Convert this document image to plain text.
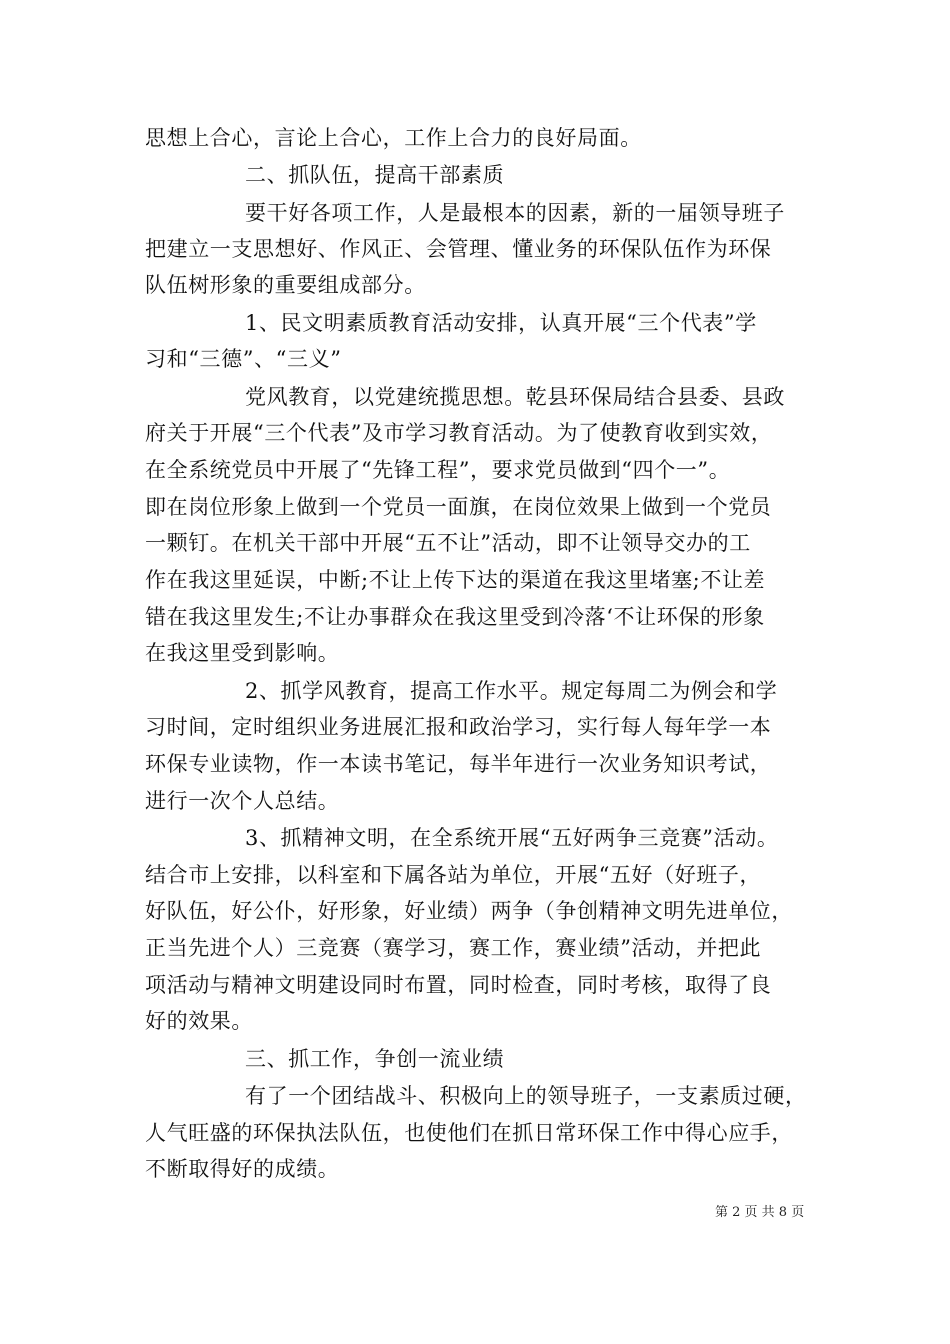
思想上合心，言论上合心，工作上合力的良好局面。
二、抓队伍，提高干部素质
要干好各项工作，人是最根本的因素，新的一届领导班子
把建立一支思想好、作风正、会管理、懂业务的环保队伍作为环保
队伍树形象的重要组成部分。
1、民文明素质教育活动安排，认真开展“三个代表”学
习和“三德”、“三义”
党风教育，以党建统揽思想。乾县环保局结合县委、县政
府关于开展“三个代表”及市学习教育活动。为了使教育收到实效，
在全系统党员中开展了“先锋工程”，要求党员做到“四个一”。
即在岗位形象上做到一个党员一面旗，在岗位效果上做到一个党员
一颗钉。在机关干部中开展“五不让”活动，即不让领导交办的工
作在我这里延误，中断;不让上传下达的渠道在我这里堵塞;不让差
错在我这里发生;不让办事群众在我这里受到冷落‘不让环保的形象
在我这里受到影响。
2、抓学风教育，提高工作水平。规定每周二为例会和学
习时间，定时组织业务进展汇报和政治学习，实行每人每年学一本
环保专业读物，作一本读书笔记，每半年进行一次业务知识考试，
进行一次个人总结。
3、抓精神文明，在全系统开展“五好两争三竞赛”活动。
结合市上安排，以科室和下属各站为单位，开展“五好（好班子，
好队伍，好公仆，好形象，好业绩）两争（争创精神文明先进单位，
正当先进个人）三竞赛（赛学习，赛工作，赛业绩”活动，并把此
项活动与精神文明建设同时布置，同时检查，同时考核，取得了良
好的效果。
三、抓工作，争创一流业绩
有了一个团结战斗、积极向上的领导班子，一支素质过硬，
人气旺盛的环保执法队伍，也使他们在抓日常环保工作中得心应手，
不断取得好的成绩。
第 2 页 共 8 页
